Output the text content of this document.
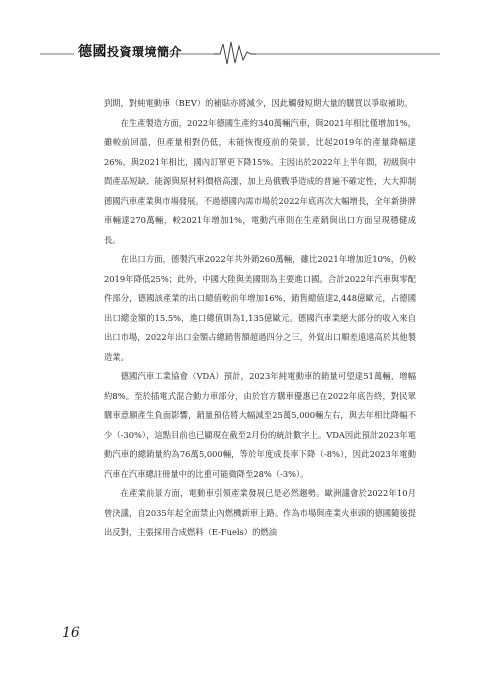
德國投資環境簡介

到期，對純電動車（BEV）的補貼亦將減少，因此觸發短期大量的購買以爭取補助。

在生產製造方面，2022年德國生產約340萬輛汽車，與2021年相比僅增加1%，雖較前回溫，但產量相對仍低，未能恢復疫前的榮景，比起2019年的產量降幅達26%。與2021年相比，國內訂單更下降15%。主因出於2022年上半年間，初級與中間產品短缺、能源與原材料價格高漲，加上烏俄戰爭造成的普遍不確定性，大大抑制德國汽車產業與市場發展。不過德國內需市場於2022年底再次大幅增長，全年新掛牌車輛達270萬輛，較2021年增加1%，電動汽車則在生產銷與出口方面呈現穩健成長。

在出口方面，德製汽車2022年共外銷260萬輛，雖比2021年增加近10%，仍較2019年降低25%；此外，中國大陸與美國則為主要進口國。合計2022年汽車與零配件部分，德國該產業的出口總值較前年增加16%，銷售總值達2,448億歐元，占德國出口總金額的15.5%，進口總值則為1,135億歐元。德國汽車業絕大部分的收入來自出口市場，2022年出口金額占總銷售額超過四分之三，外貿出口順差遠遠高於其他製造業。

德國汽車工業協會（VDA）預計，2023年純電動車的銷量可望達51萬輛，增幅約8%。至於插電式混合動力車部分，由於官方購車優惠已在2022年底告終，對民眾購車意願產生負面影響，銷量預估將大幅減至25萬5,000輛左右，與去年相比降幅不少（-30%），這點目前也已顯現在截至2月份的統計數字上。VDA因此預計2023年電動汽車的總銷量約為76萬5,000輛，等於年度成長率下降（-8%），因此2023年電動汽車在汽車總註冊量中的比重可能微降至28%（-3%）。

在產業前景方面，電動車引領產業發展已是必然趨勢。歐洲議會於2022年10月曾決議，自2035年起全面禁止內燃機新車上路。作為市場與產業火車頭的德國隨後提出反對，主張採用合成燃料（E-Fuels）的燃油

16
